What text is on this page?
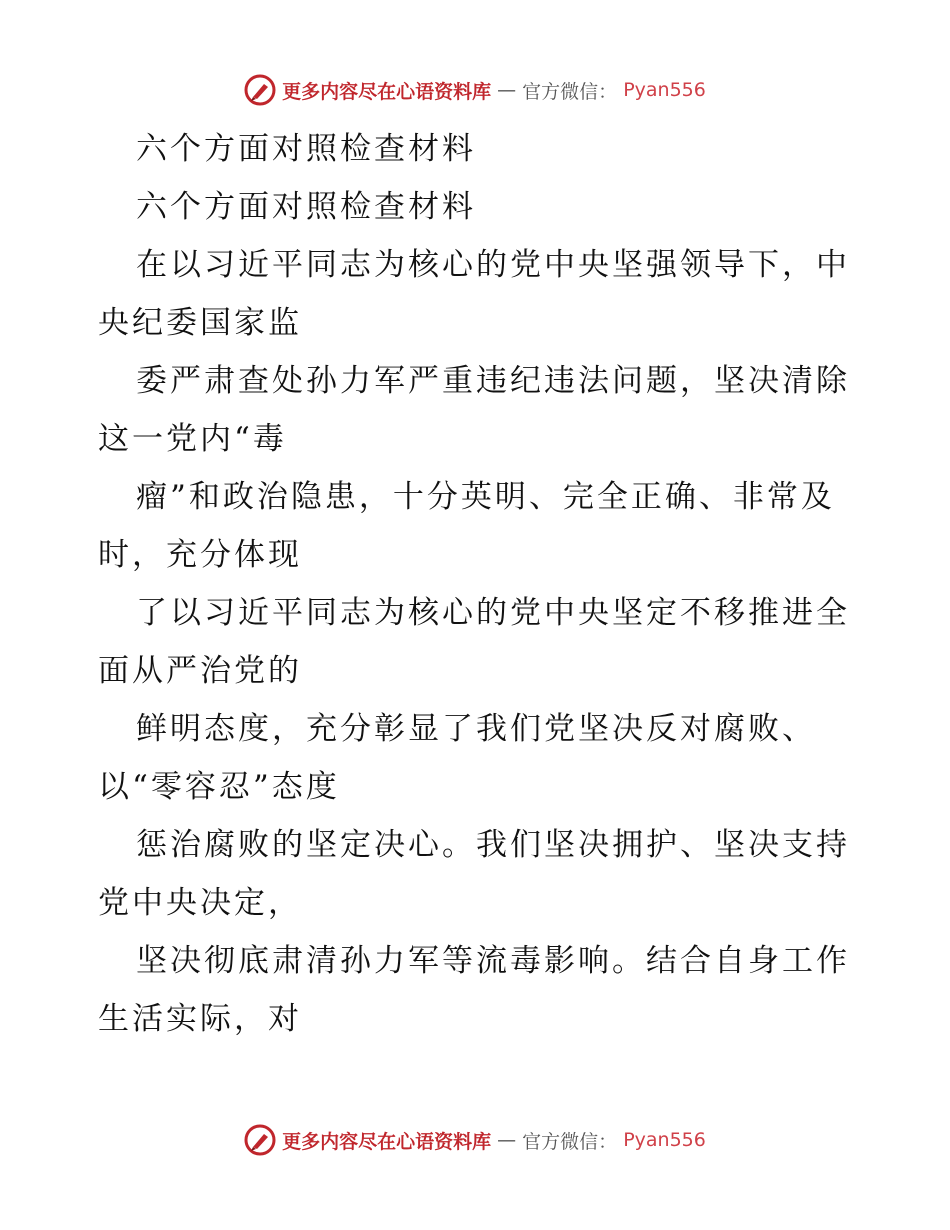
更多内容尽在心语资料库 — 官方微信： Pyan556
六个方面对照检查材料
六个方面对照检查材料
在以习近平同志为核心的党中央坚强领导下，中
央纪委国家监
委严肃查处孙力军严重违纪违法问题，坚决清除
这一党内“毒
瘤”和政治隐患，十分英明、完全正确、非常及
时，充分体现
了以习近平同志为核心的党中央坚定不移推进全
面从严治党的
鲜明态度，充分彰显了我们党坚决反对腐败、
以“零容忍”态度
惩治腐败的坚定决心。我们坚决拥护、坚决支持
党中央决定，
坚决彻底肃清孙力军等流毒影响。结合自身工作
生活实际，对
更多内容尽在心语资料库 — 官方微信： Pyan556
